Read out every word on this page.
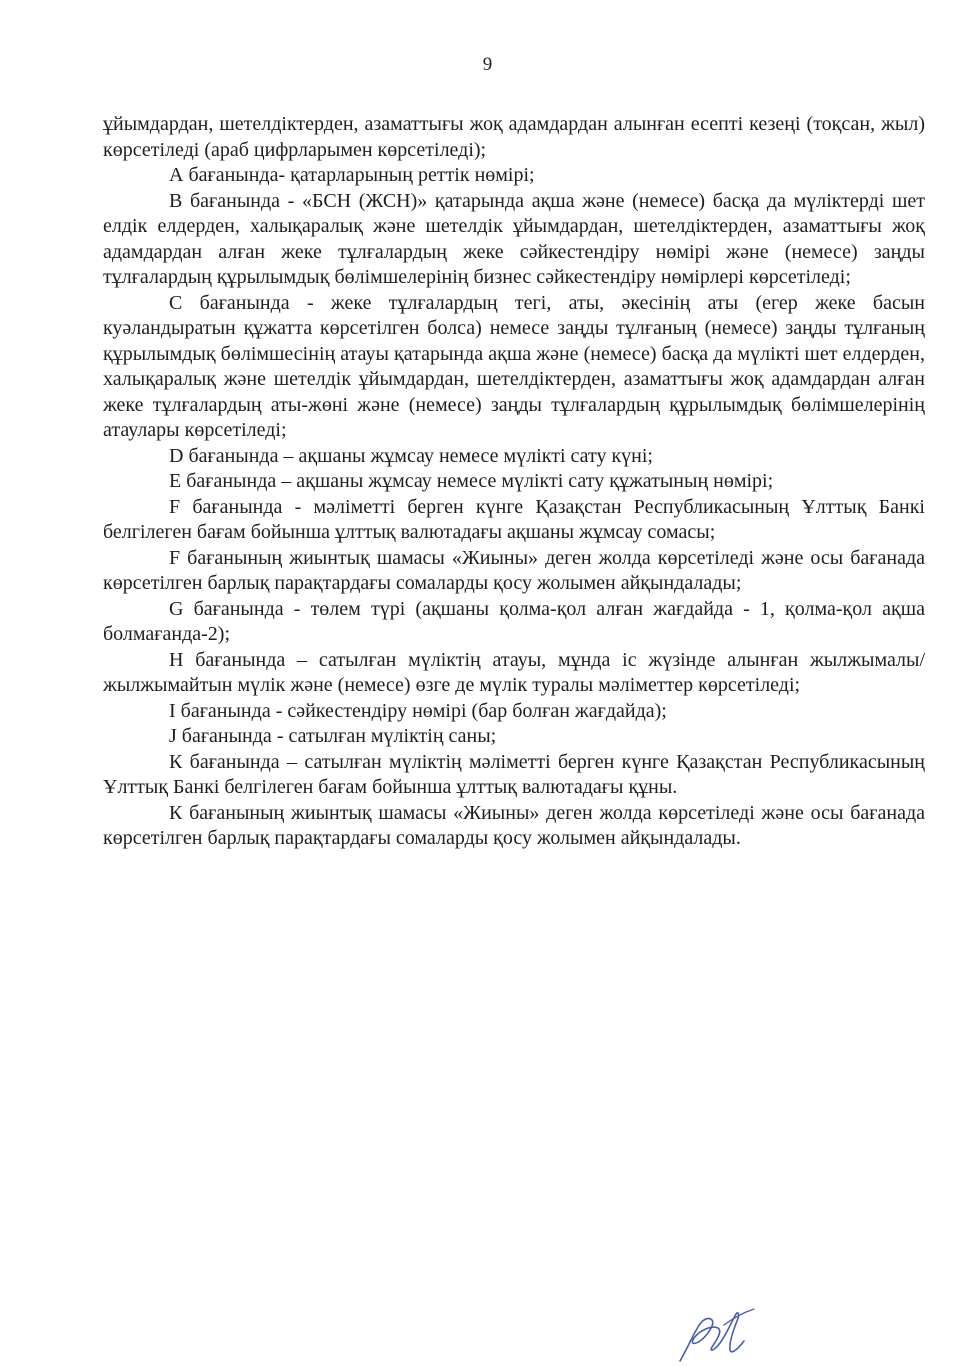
9

ұйымдардан, шетелдіктерден, азаматтығы жоқ адамдардан алынған есепті кезеңі (тоқсан, жыл) көрсетіледі (араб цифрларымен көрсетіледі);

А бағанында- қатарларының реттік нөмірі;

В бағанында - «БСН (ЖСН)» қатарында ақша және (немесе) басқа да мүліктерді шет елдік елдерден, халықаралық және шетелдік ұйымдардан, шетелдіктерден, азаматтығы жоқ адамдардан алған жеке тұлғалардың жеке сәйкестендіру нөмірі және (немесе) заңды тұлғалардың құрылымдық бөлімшелерінің бизнес сәйкестендіру нөмірлері көрсетіледі;

С бағанында - жеке тұлғалардың тегі, аты, әкесінің аты (егер жеке басын куәландыратын құжатта көрсетілген болса) немесе заңды тұлғаның (немесе) заңды тұлғаның құрылымдық бөлімшесінің атауы қатарында ақша және (немесе) басқа да мүлікті шет елдерден, халықаралық және шетелдік ұйымдардан, шетелдіктерден, азаматтығы жоқ адамдардан алған жеке тұлғалардың аты-жөні және (немесе) заңды тұлғалардың құрылымдық бөлімшелерінің атаулары көрсетіледі;

D бағанында – ақшаны жұмсау немесе мүлікті сату күні;

Е бағанында – ақшаны жұмсау немесе мүлікті сату құжатының нөмірі;

F бағанында - мәліметті берген күнге Қазақстан Республикасының Ұлттық Банкі белгілеген бағам бойынша ұлттық валютадағы ақшаны жұмсау сомасы;

F бағанының жиынтық шамасы «Жиыны» деген жолда көрсетіледі және осы бағанада көрсетілген барлық парақтардағы сомаларды қосу жолымен айқындалады;

G бағанында - төлем түрі (ақшаны қолма-қол алған жағдайда - 1, қолма-қол ақша болмағанда-2);

Н бағанында – сатылған мүліктің атауы, мұнда іс жүзінде алынған жылжымалы/жылжымайтын мүлік және (немесе) өзге де мүлік туралы мәліметтер көрсетіледі;

I бағанында - сәйкестендіру нөмірі (бар болған жағдайда);

J бағанында - сатылған мүліктің саны;

К бағанында – сатылған мүліктің мәліметті берген күнге Қазақстан Республикасының Ұлттық Банкі белгілеген бағам бойынша ұлттық валютадағы құны.

К бағанының жиынтық шамасы «Жиыны» деген жолда көрсетіледі және осы бағанада көрсетілген барлық парақтардағы сомаларды қосу жолымен айқындалады.
